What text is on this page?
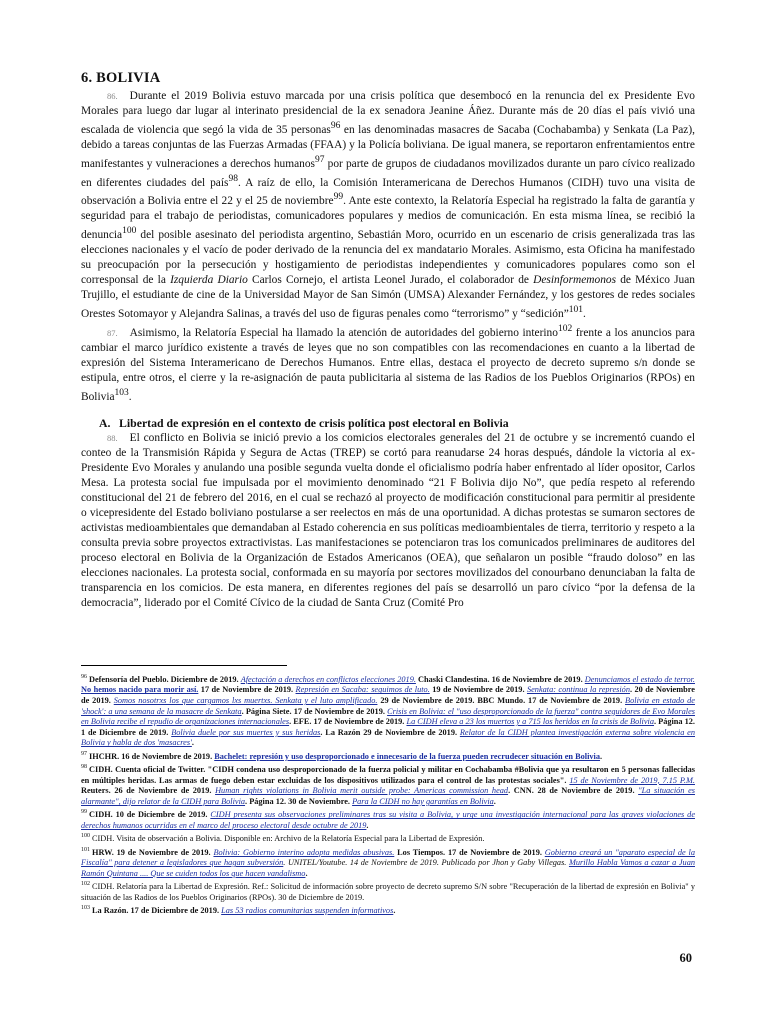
6. BOLIVIA

86. Durante el 2019 Bolivia estuvo marcada por una crisis política que desembocó en la renuncia del ex Presidente Evo Morales para luego dar lugar al interinato presidencial de la ex senadora Jeanine Áñez. Durante más de 20 días el país vivió una escalada de violencia que segó la vida de 35 personas$^{96}$ en las denominadas masacres de Sacaba (Cochabamba) y Senkata (La Paz), debido a tareas conjuntas de las Fuerzas Armadas (FFAA) y la Policía boliviana. De igual manera, se reportaron enfrentamientos entre manifestantes y vulneraciones a derechos humanos$^{97}$ por parte de grupos de ciudadanos movilizados durante un paro cívico realizado en diferentes ciudades del país$^{98}$. A raíz de ello, la Comisión Interamericana de Derechos Humanos (CIDH) tuvo una visita de observación a Bolivia entre el 22 y el 25 de noviembre$^{99}$. Ante este contexto, la Relatoría Especial ha registrado la falta de garantía y seguridad para el trabajo de periodistas, comunicadores populares y medios de comunicación. En esta misma línea, se recibió la denuncia$^{100}$ del posible asesinato del periodista argentino, Sebastián Moro, ocurrido en un escenario de crisis generalizada tras las elecciones nacionales y el vacío de poder derivado de la renuncia del ex mandatario Morales. Asimismo, esta Oficina ha manifestado su preocupación por la persecución y hostigamiento de periodistas independientes y comunicadores populares como son el corresponsal de la Izquierda Diario Carlos Cornejo, el artista Leonel Jurado, el colaborador de Desinformemonos de México Juan Trujillo, el estudiante de cine de la Universidad Mayor de San Simón (UMSA) Alexander Fernández, y los gestores de redes sociales Orestes Sotomayor y Alejandra Salinas, a través del uso de figuras penales como “terrorismo” y “sedición”$^{101}$.

87. Asimismo, la Relatoría Especial ha llamado la atención de autoridades del gobierno interino$^{102}$ frente a los anuncios para cambiar el marco jurídico existente a través de leyes que no son compatibles con las recomendaciones en cuanto a la libertad de expresión del Sistema Interamericano de Derechos Humanos. Entre ellas, destaca el proyecto de decreto supremo s/n donde se estipula, entre otros, el cierre y la re-asignación de pauta publicitaria al sistema de las Radios de los Pueblos Originarios (RPOs) en Bolivia$^{103}$.

A. Libertad de expresión en el contexto de crisis política post electoral en Bolivia

88. El conflicto en Bolivia se inició previo a los comicios electorales generales del 21 de octubre y se incrementó cuando el conteo de la Transmisión Rápida y Segura de Actas (TREP) se cortó para reanudarse 24 horas después, dándole la victoria al ex-Presidente Evo Morales y anulando una posible segunda vuelta donde el oficialismo podría haber enfrentado al líder opositor, Carlos Mesa. La protesta social fue impulsada por el movimiento denominado “21 F Bolivia dijo No”, que pedía respeto al referendo constitucional del 21 de febrero del 2016, en el cual se rechazó al proyecto de modificación constitucional para permitir al presidente o vicepresidente del Estado boliviano postularse a ser reelectos en más de una oportunidad. A dichas protestas se sumaron sectores de activistas medioambientales que demandaban al Estado coherencia en sus políticas medioambientales de tierra, territorio y respeto a la consulta previa sobre proyectos extractivistas. Las manifestaciones se potenciaron tras los comunicados preliminares de auditores del proceso electoral en Bolivia de la Organización de Estados Americanos (OEA), que señalaron un posible “fraudo doloso” en las elecciones nacionales. La protesta social, conformada en su mayoría por sectores movilizados del conourbano denunciaban la falta de transparencia en los comicios. De esta manera, en diferentes regiones del país se desarrolló un paro cívico “por la defensa de la democracia”, liderado por el Comité Cívico de la ciudad de Santa Cruz (Comité Pro

$^{96}$ Defensoría del Pueblo. Diciembre de 2019. Afectación a derechos en conflictos elecciones 2019. Chaski Clandestina. 16 de Noviembre de 2019. Denunciamos el estado de terror. No hemos nacido para morir así. 17 de Noviembre de 2019. Represión en Sacaba: seguimos de luto. 19 de Noviembre de 2019. Senkata: continua la represión. 20 de Noviembre de 2019. Somos nosotrxs los que cargamos lxs muertxs. Senkata y el luto amplificado. 29 de Noviembre de 2019. BBC Mundo. 17 de Noviembre de 2019. Bolivia en estado de 'shock': a una semana de la masacre de Senkata. Página Siete. 17 de Noviembre de 2019. Crisis en Bolivia: el "uso desproporcionado de la fuerza" contra seguidores de Evo Morales en Bolivia recibe el repudio de organizaciones internacionales. EFE. 17 de Noviembre de 2019. La CIDH eleva a 23 los muertos y a 715 los heridos en la crisis de Bolivia. Página 12. 1 de Diciembre de 2019. Bolivia duele por sus muertes y sus heridas. La Razón 29 de Noviembre de 2019. Relator de la CIDH plantea investigación externa sobre violencia en Bolivia y habla de dos 'masacres'.

$^{97}$ IHCHR. 16 de Noviembre de 2019. Bachelet: represión y uso desproporcionado e innecesario de la fuerza pueden recrudecer situación en Bolivia.

$^{98}$ CIDH. Cuenta oficial de Twitter. "CIDH condena uso desproporcionado de la fuerza policial y militar en Cochabamba #Bolivia que ya resultaron en 5 personas fallecidas en múltiples heridas. Las armas de fuego deben estar excluidas de los dispositivos utilizados para el control de las protestas sociales". 15 de Noviembre de 2019, 7.15 P.M. Reuters. 26 de Noviembre de 2019. Human rights violations in Bolivia merit outside probe: Americas commission head. CNN. 28 de Noviembre de 2019. "La situación es alarmante", dijo relator de la CIDH para Bolivia. Página 12. 30 de Noviembre. Para la CIDH no hay garantías en Bolivia.

$^{99}$ CIDH. 10 de Diciembre de 2019. CIDH presenta sus observaciones preliminares tras su visita a Bolivia, y urge una investigación internacional para las graves violaciones de derechos humanos ocurridas en el marco del proceso electoral desde octubre de 2019.

$^{100}$ CIDH. Visita de observación a Bolivia. Disponible en: Archivo de la Relatoría Especial para la Libertad de Expresión.

$^{101}$ HRW. 19 de Noviembre de 2019. Bolivia: Gobierno interino adopta medidas abusivas. Los Tiempos. 17 de Noviembre de 2019. Gobierno creará un "aparato especial de la Fiscalía" para detener a legisladores que hagan subversión. UNITEL/Youtube. 14 de Noviembre de 2019. Publicado por Jhon y Gaby Villegas. Murillo Habla Vamos a cazar a Juan Ramón Quintana .... Que se cuiden todos los que hacen vandalismo.

$^{102}$ CIDH. Relatoría para la Libertad de Expresión. Ref.: Solicitud de información sobre proyecto de decreto supremo S/N sobre "Recuperación de la libertad de expresión en Bolivia" y situación de las Radios de los Pueblos Originarios (RPOs). 30 de Diciembre de 2019.

$^{103}$ La Razón. 17 de Diciembre de 2019. Las 53 radios comunitarias suspenden informativos.

60
